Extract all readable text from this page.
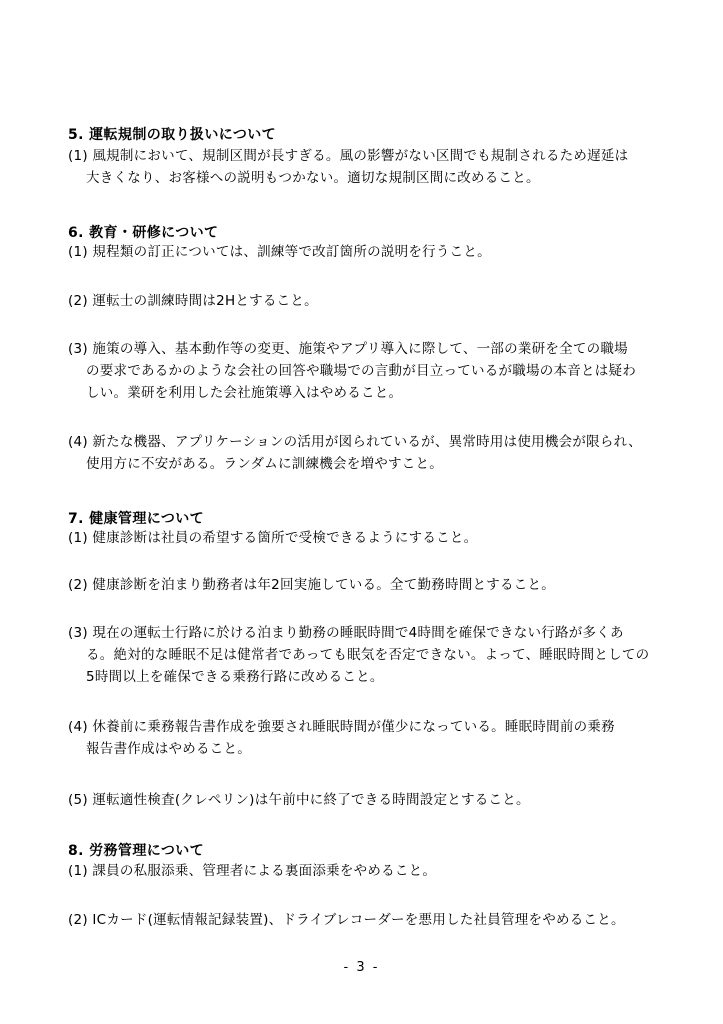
5. 運転規制の取り扱いについて
(1) 風規制において、規制区間が長すぎる。風の影響がない区間でも規制されるため遅延は
大きくなり、お客様への説明もつかない。適切な規制区間に改めること。
6. 教育・研修について
(1) 規程類の訂正については、訓練等で改訂箇所の説明を行うこと。
(2) 運転士の訓練時間は2Hとすること。
(3) 施策の導入、基本動作等の変更、施策やアプリ導入に際して、一部の業研を全ての職場
の要求であるかのような会社の回答や職場での言動が目立っているが職場の本音とは疑わ
しい。業研を利用した会社施策導入はやめること。
(4) 新たな機器、アプリケーションの活用が図られているが、異常時用は使用機会が限られ、
使用方に不安がある。ランダムに訓練機会を増やすこと。
7. 健康管理について
(1) 健康診断は社員の希望する箇所で受検できるようにすること。
(2) 健康診断を泊まり勤務者は年2回実施している。全て勤務時間とすること。
(3) 現在の運転士行路に於ける泊まり勤務の睡眠時間で4時間を確保できない行路が多くあ
る。絶対的な睡眠不足は健常者であっても眠気を否定できない。よって、睡眠時間としての
5時間以上を確保できる乗務行路に改めること。
(4) 休養前に乗務報告書作成を強要され睡眠時間が僅少になっている。睡眠時間前の乗務
報告書作成はやめること。
(5) 運転適性検査(クレペリン)は午前中に終了できる時間設定とすること。
8. 労務管理について
(1) 課員の私服添乗、管理者による裏面添乗をやめること。
(2) ICカード(運転情報記録装置)、ドライブレコーダーを悪用した社員管理をやめること。
- 3 -
